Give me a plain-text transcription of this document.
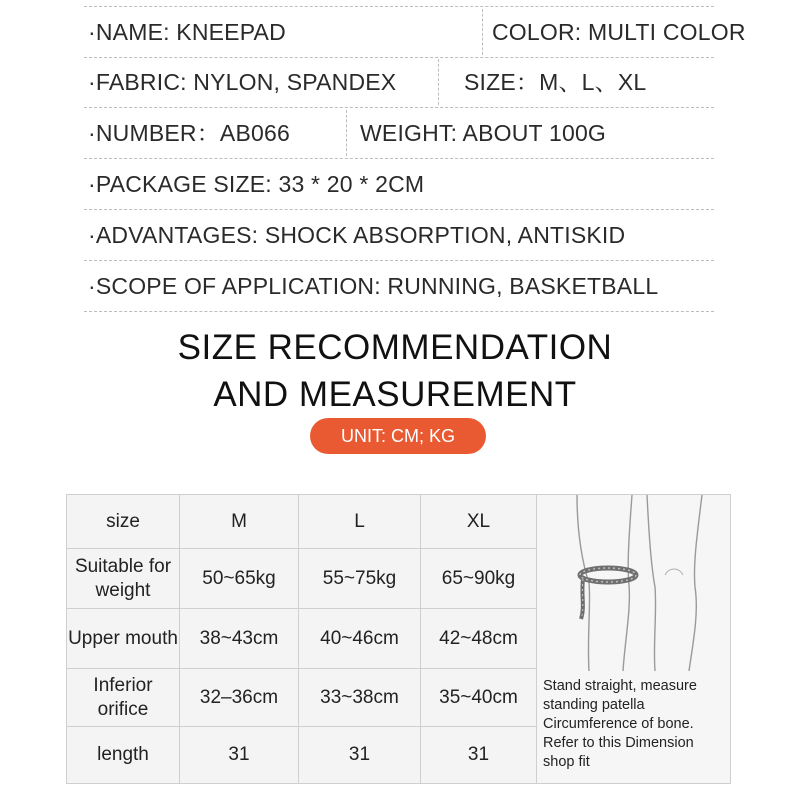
·NAME: KNEEPAD	COLOR: MULTI COLOR
·FABRIC: NYLON, SPANDEX	SIZE：M、L、XL
·NUMBER：AB066	WEIGHT: ABOUT 100G
·PACKAGE SIZE: 33 * 20 * 2CM
·ADVANTAGES: SHOCK ABSORPTION, ANTISKID
·SCOPE OF APPLICATION: RUNNING, BASKETBALL
SIZE RECOMMENDATION
AND MEASUREMENT
UNIT: CM; KG
size	M	L	XL	Stand straight, measure standing patella Circumference of bone. Refer to this Dimension shop fit

Suitable for weight	50~65kg	55~75kg	65~90kg	
Upper mouth	38~43cm	40~46cm	42~48cm	
Inferior orifice	32–36cm	33~38cm	35~40cm	
length	31	31	31	
